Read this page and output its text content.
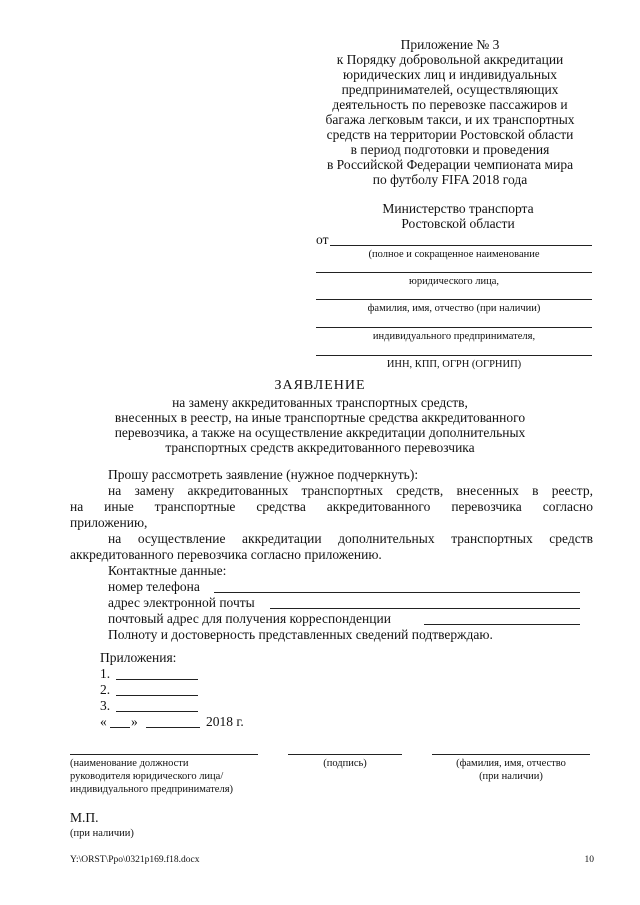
Приложение № 3
к Порядку добровольной аккредитации
юридических лиц и индивидуальных
предпринимателей, осуществляющих
деятельность по перевозке пассажиров и
багажа легковым такси, и их транспортных
средств на территории Ростовской области
в период подготовки и проведения
в Российской Федерации чемпионата мира
по футболу FIFA 2018 года
Министерство транспорта
Ростовской области
от
(полное и сокращенное наименование
юридического лица,
фамилия, имя, отчество (при наличии)
индивидуального предпринимателя,
ИНН, КПП, ОГРН (ОГРНИП)
ЗАЯВЛЕНИЕ
на замену аккредитованных транспортных средств,
внесенных в реестр, на иные транспортные средства аккредитованного
перевозчика, а также на осуществление аккредитации дополнительных
транспортных средств аккредитованного перевозчика
Прошу рассмотреть заявление (нужное подчеркнуть):
на замену аккредитованных транспортных средств, внесенных в реестр,
на иные транспортные средства аккредитованного перевозчика согласно
приложению,
на осуществление аккредитации дополнительных транспортных средств
аккредитованного перевозчика согласно приложению.
Контактные данные:
номер телефона
адрес электронной почты
почтовый адрес для получения корреспонденции
Полноту и достоверность представленных сведений подтверждаю.
Приложения:
1.
2.
3.
« »	2018 г.
(наименование должности
руководителя юридического лица/
индивидуального предпринимателя)
(подпись)	(фамилия, имя, отчество
(при наличии)
М.П.
(при наличии)
Y:\ORST\Ppo\0321p169.f18.docx	10
